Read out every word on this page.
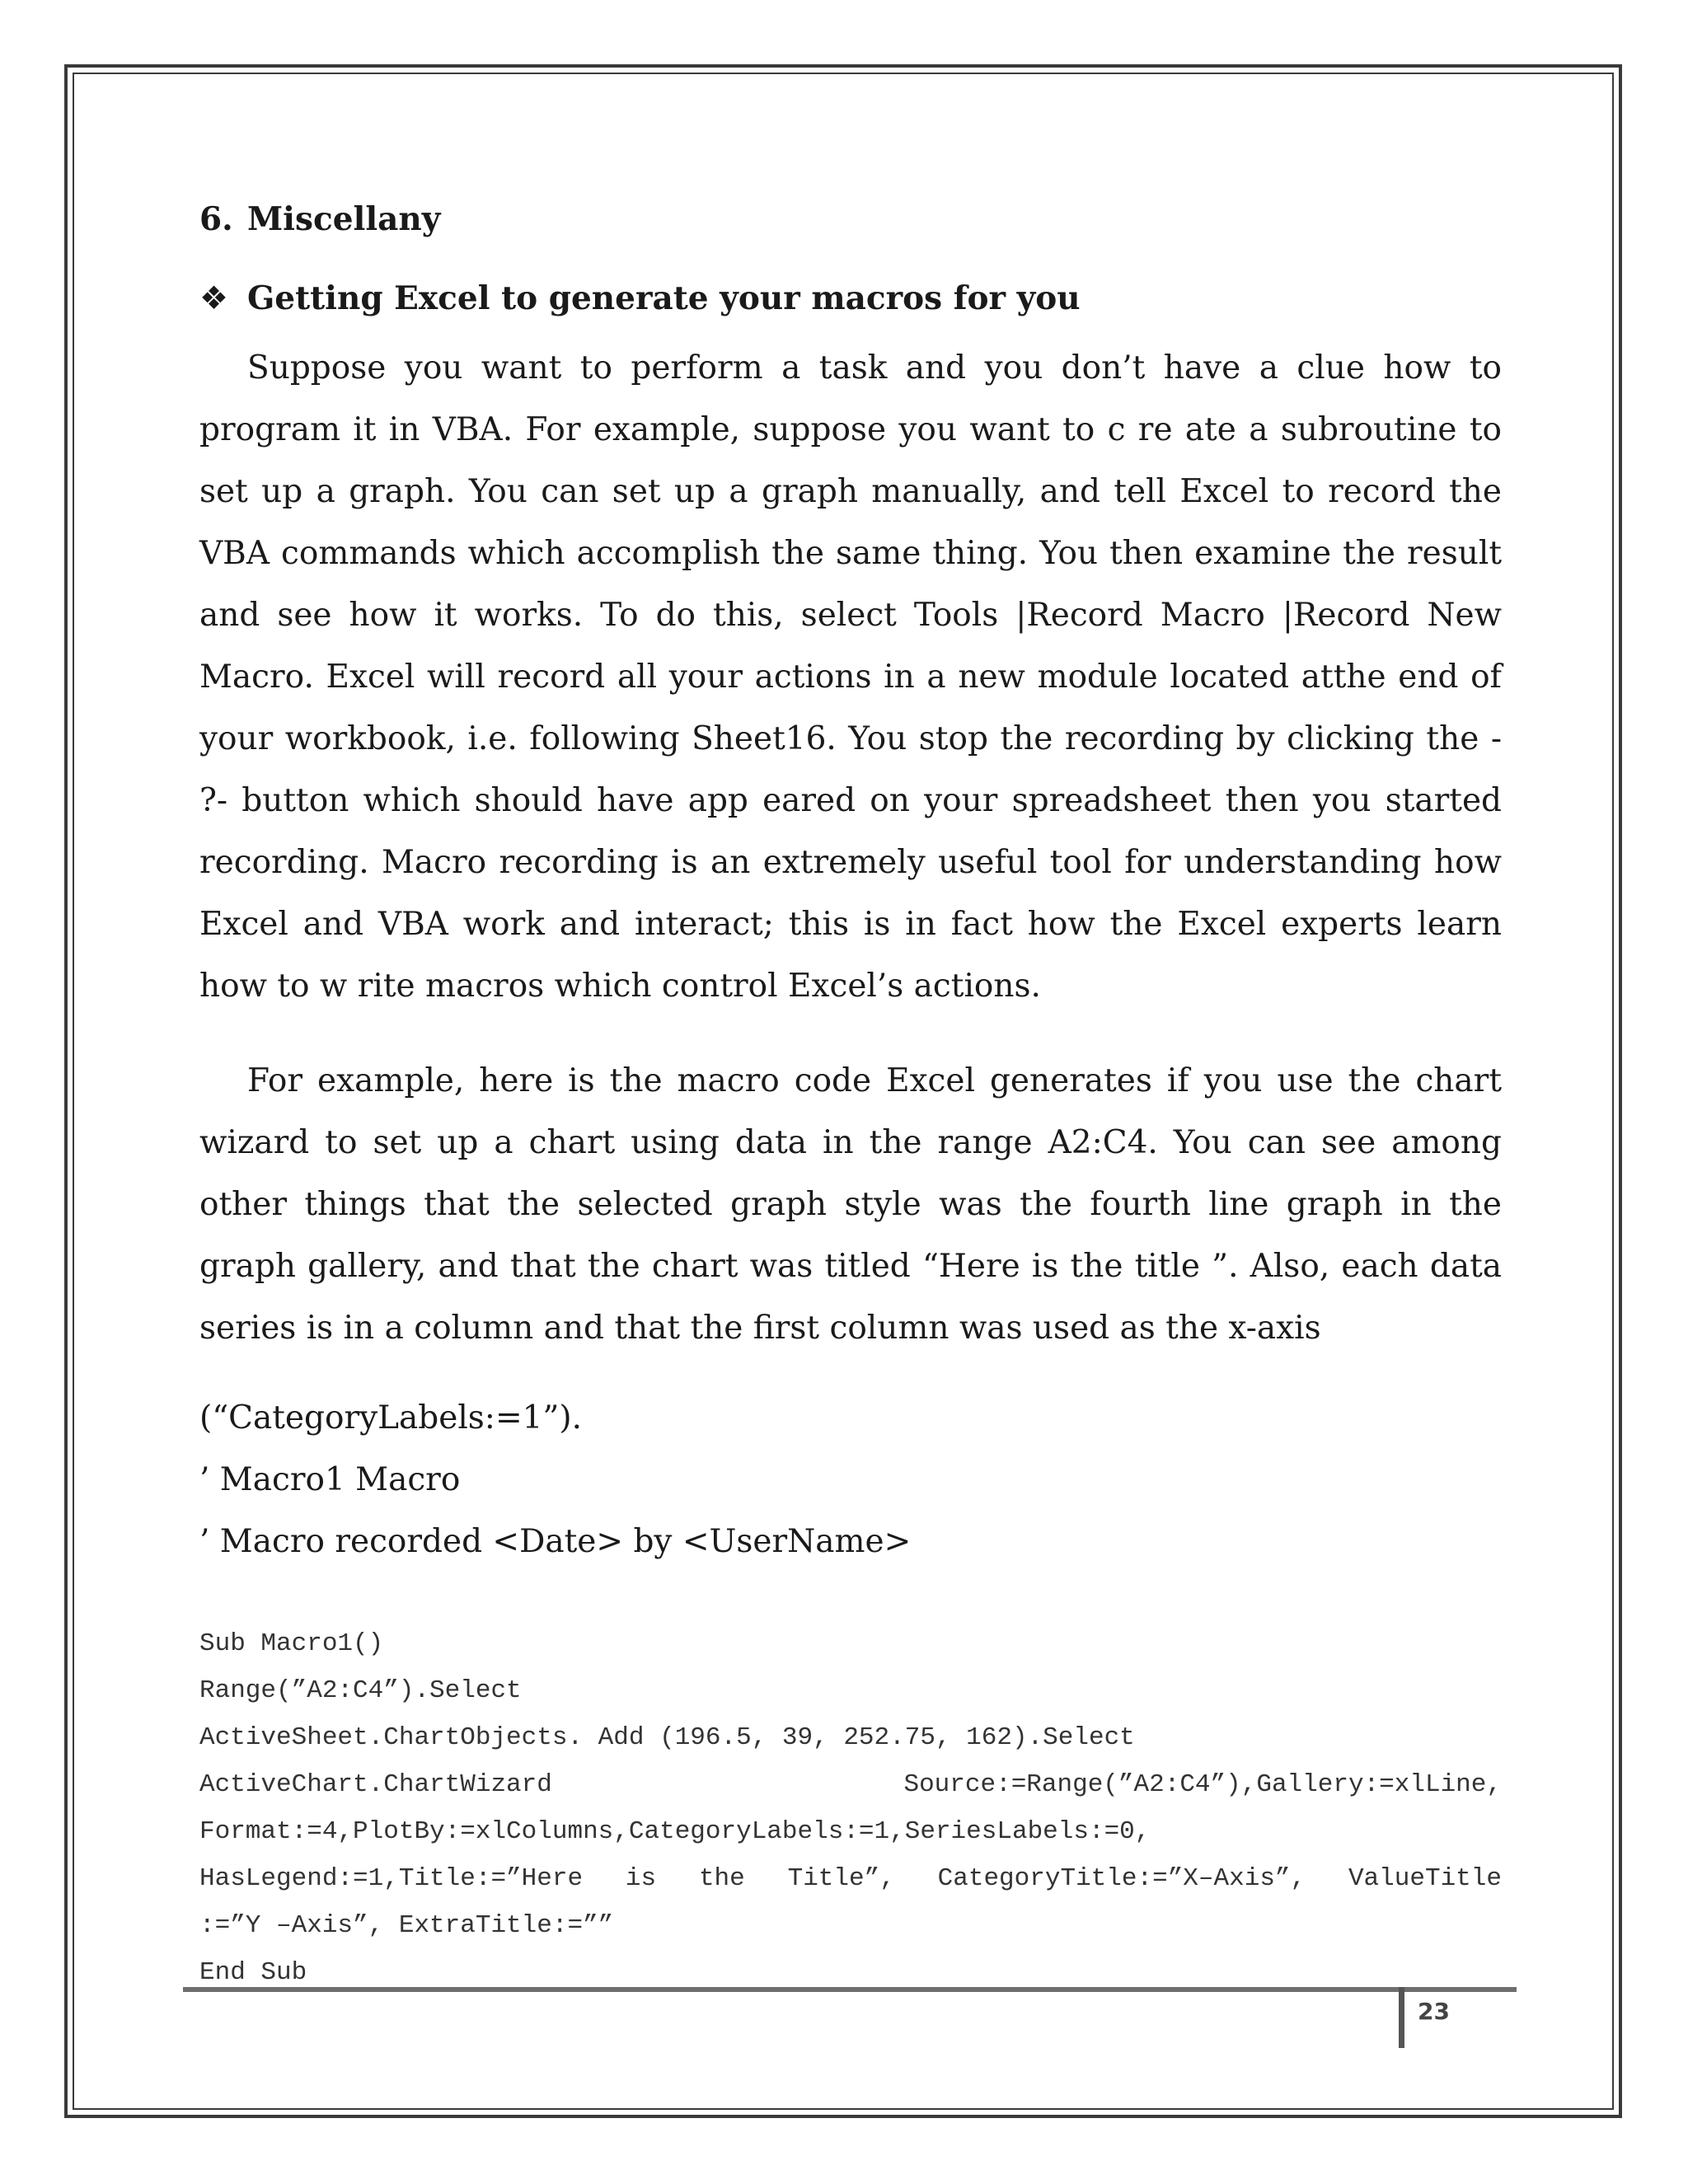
6. Miscellany
❖ Getting Excel to generate your macros for you

Suppose you want to perform a task and you don’t have a clue how to program it in VBA. For example, suppose you want to c re ate a subroutine to set up a graph. You can set up a graph manually, and tell Excel to record the VBA commands which accomplish the same thing. You then examine the result and see how it works. To do this, select Tools |Record Macro |Record New Macro. Excel will record all your actions in a new module located atthe end of your workbook, i.e. following Sheet16. You stop the recording by clicking the - ?- button which should have app eared on your spreadsheet then you started recording. Macro recording is an extremely useful tool for understanding how Excel and VBA work and interact; this is in fact how the Excel experts learn how to w rite macros which control Excel’s actions.

For example, here is the macro code Excel generates if you use the chart wizard to set up a chart using data in the range A2:C4. You can see among other things that the selected graph style was the fourth line graph in the graph gallery, and that the chart was titled “Here is the title ”. Also, each data series is in a column and that the first column was used as the x-axis

(“CategoryLabels:=1”).

’ Macro1 Macro

’ Macro recorded <Date> by <UserName>

Sub Macro1()
Range(”A2:C4”).Select
ActiveSheet.ChartObjects. Add (196.5, 39, 252.75, 162).Select
ActiveChart.ChartWizard Source:=Range(”A2:C4”),Gallery:=xlLine,
Format:=4,PlotBy:=xlColumns,CategoryLabels:=1,SeriesLabels:=0,
HasLegend:=1,Title:=”Here is the Title”, CategoryTitle:=”X–Axis”, ValueTitle
:=”Y –Axis”, ExtraTitle:=””
End Sub
23
